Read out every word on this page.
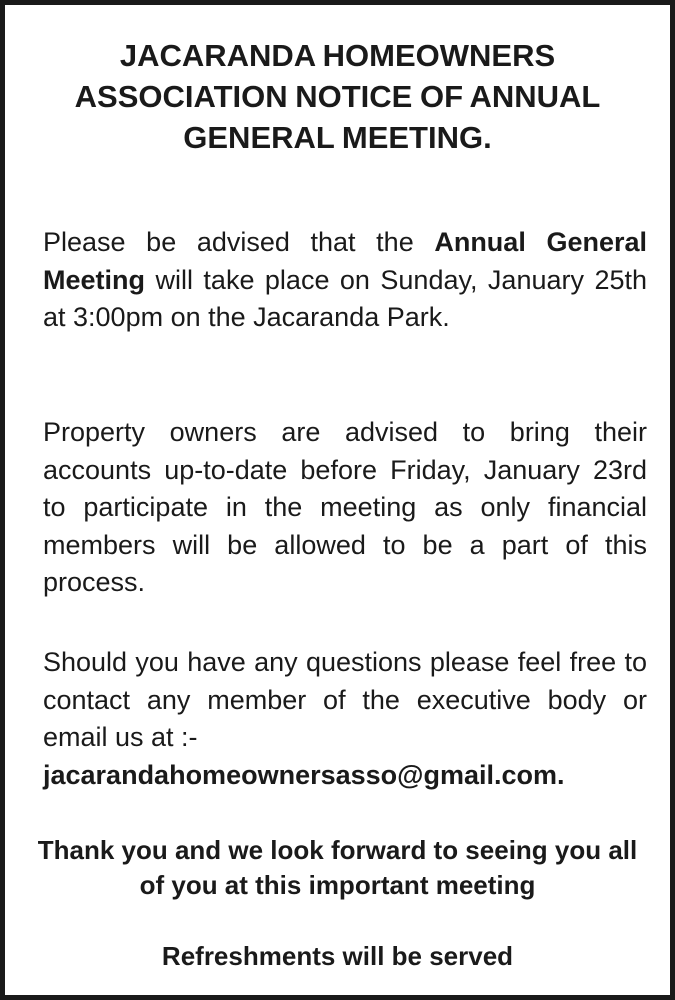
JACARANDA HOMEOWNERS ASSOCIATION NOTICE OF ANNUAL GENERAL MEETING.

Please be advised that the Annual General Meeting will take place on Sunday, January 25th at 3:00pm on the Jacaranda Park.

Property owners are advised to bring their accounts up-to-date before Friday, January 23rd to participate in the meeting as only financial members will be allowed to be a part of this process.

Should you have any questions please feel free to contact any member of the executive body or email us at :-

jacarandahomeownersasso@gmail.com.

Thank you and we look forward to seeing you all of you at this important meeting

Refreshments will be served
